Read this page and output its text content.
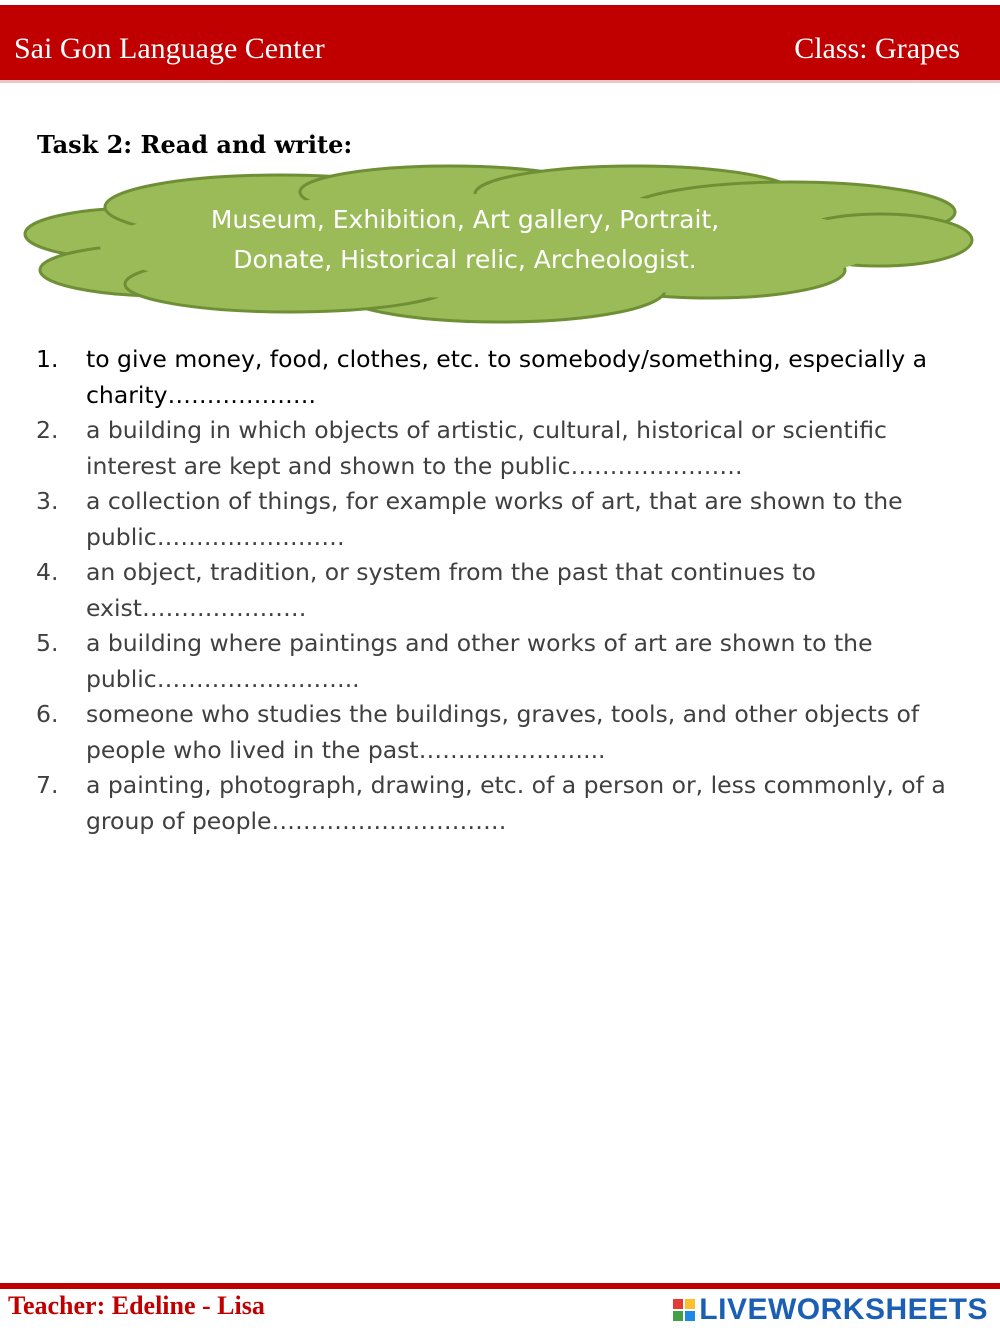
Sai Gon Language Center	Class: Grapes
Task 2: Read and write:
Museum, Exhibition, Art gallery, Portrait,
Donate, Historical relic, Archeologist.
1. to give money, food, clothes, etc. to somebody/something, especially a charity……………….
2. a building in which objects of artistic, cultural, historical or scientific interest are kept and shown to the public………………….
3. a collection of things, for example works of art, that are shown to the public……………………
4. an object, tradition, or system from the past that continues to exist…………………
5. a building where paintings and other works of art are shown to the public……………………..
6. someone who studies the buildings, graves, tools, and other objects of people who lived in the past…………………...
7. a painting, photograph, drawing, etc. of a person or, less commonly, of a group of people…………………………
Teacher: Edeline - Lisa	LIVEWORKSHEETS
